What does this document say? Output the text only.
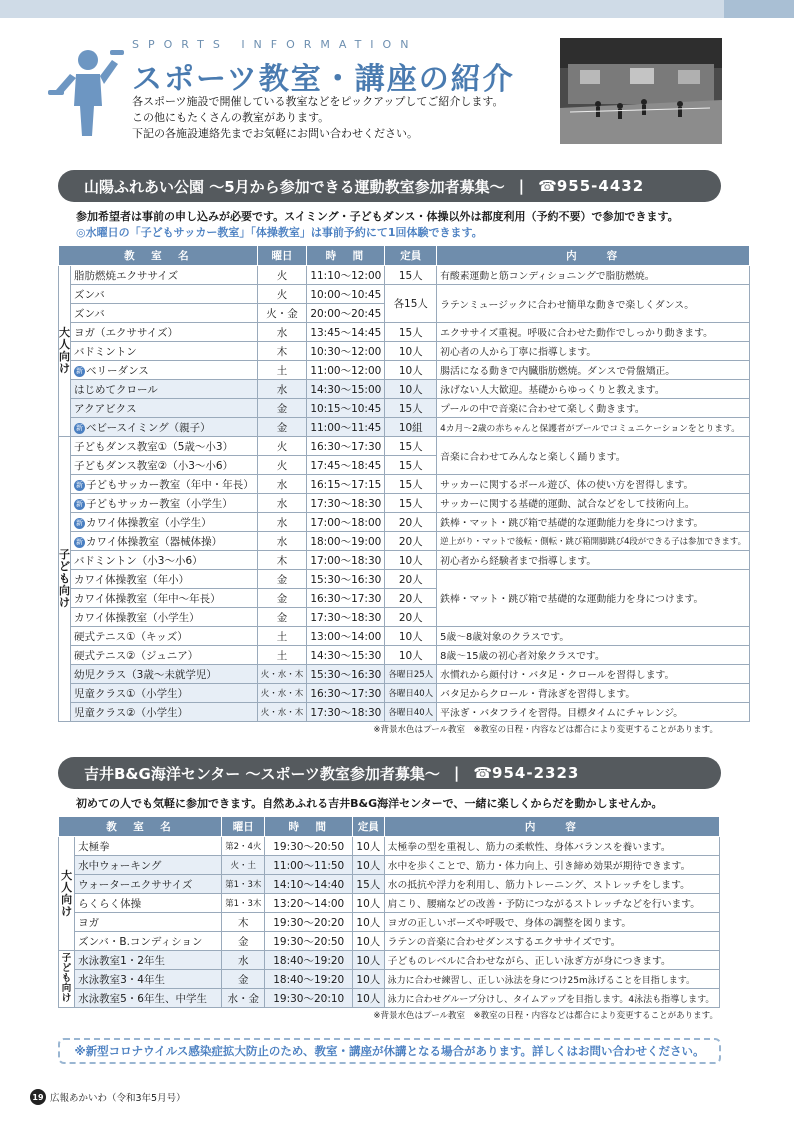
SPORTS INFORMATION
スポーツ教室・講座の紹介
各スポーツ施設で開催している教室などをピックアップしてご紹介します。
この他にもたくさんの教室があります。
下記の各施設連絡先までお気軽にお問い合わせください。
山陽ふれあい公園 ～5月から参加できる運動教室参加者募集～ | ☎ 955-4432
参加希望者は事前の申し込みが必要です。スイミング・子どもダンス・体操以外は都度利用（予約不要）で参加できます。
◎水曜日の「子どもサッカー教室」「体操教室」は事前予約にて1回体験できます。
教　室　名		曜日	時　間	定員	内　　容
大人向け	脂肪燃焼エクササイズ	火	11:10～12:00	15人	有酸素運動と筋コンディショニングで脂肪燃焼。
	ズンバ	火	10:00～10:45	各15人	ラテンミュージックに合わせ簡単な動きで楽しくダンス。
	ズンバ	火・金	20:00～20:45		
	ヨガ（エクササイズ）	水	13:45～14:45	15人	エクササイズ重視。呼吸に合わせた動作でしっかり動きます。
	バドミントン	木	10:30～12:00	10人	初心者の人から丁寧に指導します。
	新 ベリーダンス	土	11:00～12:00	10人	腸活になる動きで内臓脂肪燃焼。ダンスで骨盤矯正。
	はじめてクロール	水	14:30～15:00	10人	泳げない人大歓迎。基礎からゆっくりと教えます。
	アクアビクス	金	10:15～10:45	15人	プールの中で音楽に合わせて楽しく動きます。
	新 ベビースイミング（親子）	金	11:00～11:45	10組	4カ月～2歳の赤ちゃんと保護者がプールでコミュニケーションをとります。
子ども向け	子どもダンス教室①（5歳～小3）	火	16:30～17:30	15人	音楽に合わせてみんなと楽しく踊ります。
	子どもダンス教室②（小3～小6）	火	17:45～18:45	15人	
	新 子どもサッカー教室（年中・年長）	水	16:15～17:15	15人	サッカーに関するボール遊び、体の使い方を習得します。
	新 子どもサッカー教室（小学生）	水	17:30～18:30	15人	サッカーに関する基礎的運動、試合などをして技術向上。
	新 カワイ体操教室（小学生）	水	17:00～18:00	20人	鉄棒・マット・跳び箱で基礎的な運動能力を身につけます。
	新 カワイ体操教室（器械体操）	水	18:00～19:00	20人	逆上がり・マットで後転・側転・跳び箱開脚跳び4段ができる子は参加できます。
	バドミントン（小3～小6）	木	17:00～18:30	10人	初心者から経験者まで指導します。
	カワイ体操教室（年小）	金	15:30～16:30	20人	鉄棒・マット・跳び箱で基礎的な運動能力を身につけます。
	カワイ体操教室（年中～年長）	金	16:30～17:30	20人	
	カワイ体操教室（小学生）	金	17:30～18:30	20人	
	硬式テニス①（キッズ）	土	13:00～14:00	10人	5歳～8歳対象のクラスです。
	硬式テニス②（ジュニア）	土	14:30～15:30	10人	8歳～15歳の初心者対象クラスです。
	幼児クラス（3歳～未就学児）	火・水・木	15:30～16:30	各曜日25人	水慣れから顔付け・バタ足・クロールを習得します。
	児童クラス①（小学生）	火・水・木	16:30～17:30	各曜日40人	バタ足からクロール・背泳ぎを習得します。
	児童クラス②（小学生）	火・水・木	17:30～18:30	各曜日40人	平泳ぎ・バタフライを習得。目標タイムにチャレンジ。
※背景水色はプール教室　※教室の日程・内容などは都合により変更することがあります。
吉井B&G海洋センター ～スポーツ教室参加者募集～ | ☎ 954-2323
初めての人でも気軽に参加できます。自然あふれる吉井B&G海洋センターで、一緒に楽しくからだを動かしませんか。
教　室　名		曜日	時　間	定員	内　　容
大人向け	太極拳	第2・4火	19:30～20:50	10人	太極拳の型を重視し、筋力の柔軟性、身体バランスを養います。
	水中ウォーキング	火・土	11:00～11:50	10人	水中を歩くことで、筋力・体力向上、引き締め効果が期待できます。
	ウォーターエクササイズ	第1・3木	14:10～14:40	15人	水の抵抗や浮力を利用し、筋力トレーニング、ストレッチをします。
	らくらく体操	第1・3木	13:20～14:00	10人	肩こり、腰痛などの改善・予防につながるストレッチなどを行います。
	ヨガ	木	19:30～20:20	10人	ヨガの正しいポーズや呼吸で、身体の調整を図ります。
	ズンバ・B.コンディション	金	19:30～20:50	10人	ラテンの音楽に合わせダンスするエクササイズです。
子ども向け	水泳教室1・2年生	水	18:40～19:20	10人	子どものレベルに合わせながら、正しい泳ぎ方が身につきます。
	水泳教室3・4年生	金	18:40～19:20	10人	泳力に合わせ練習し、正しい泳法を身につけ25m泳げることを目指します。
	水泳教室5・6年生、中学生	水・金	19:30～20:10	10人	泳力に合わせグループ分けし、タイムアップを目指します。4泳法も指導します。
※背景水色はプール教室　※教室の日程・内容などは都合により変更することがあります。
※新型コロナウイルス感染症拡大防止のため、教室・講座が休講となる場合があります。詳しくはお問い合わせください。
19 広報あかいわ（令和3年5月号）
